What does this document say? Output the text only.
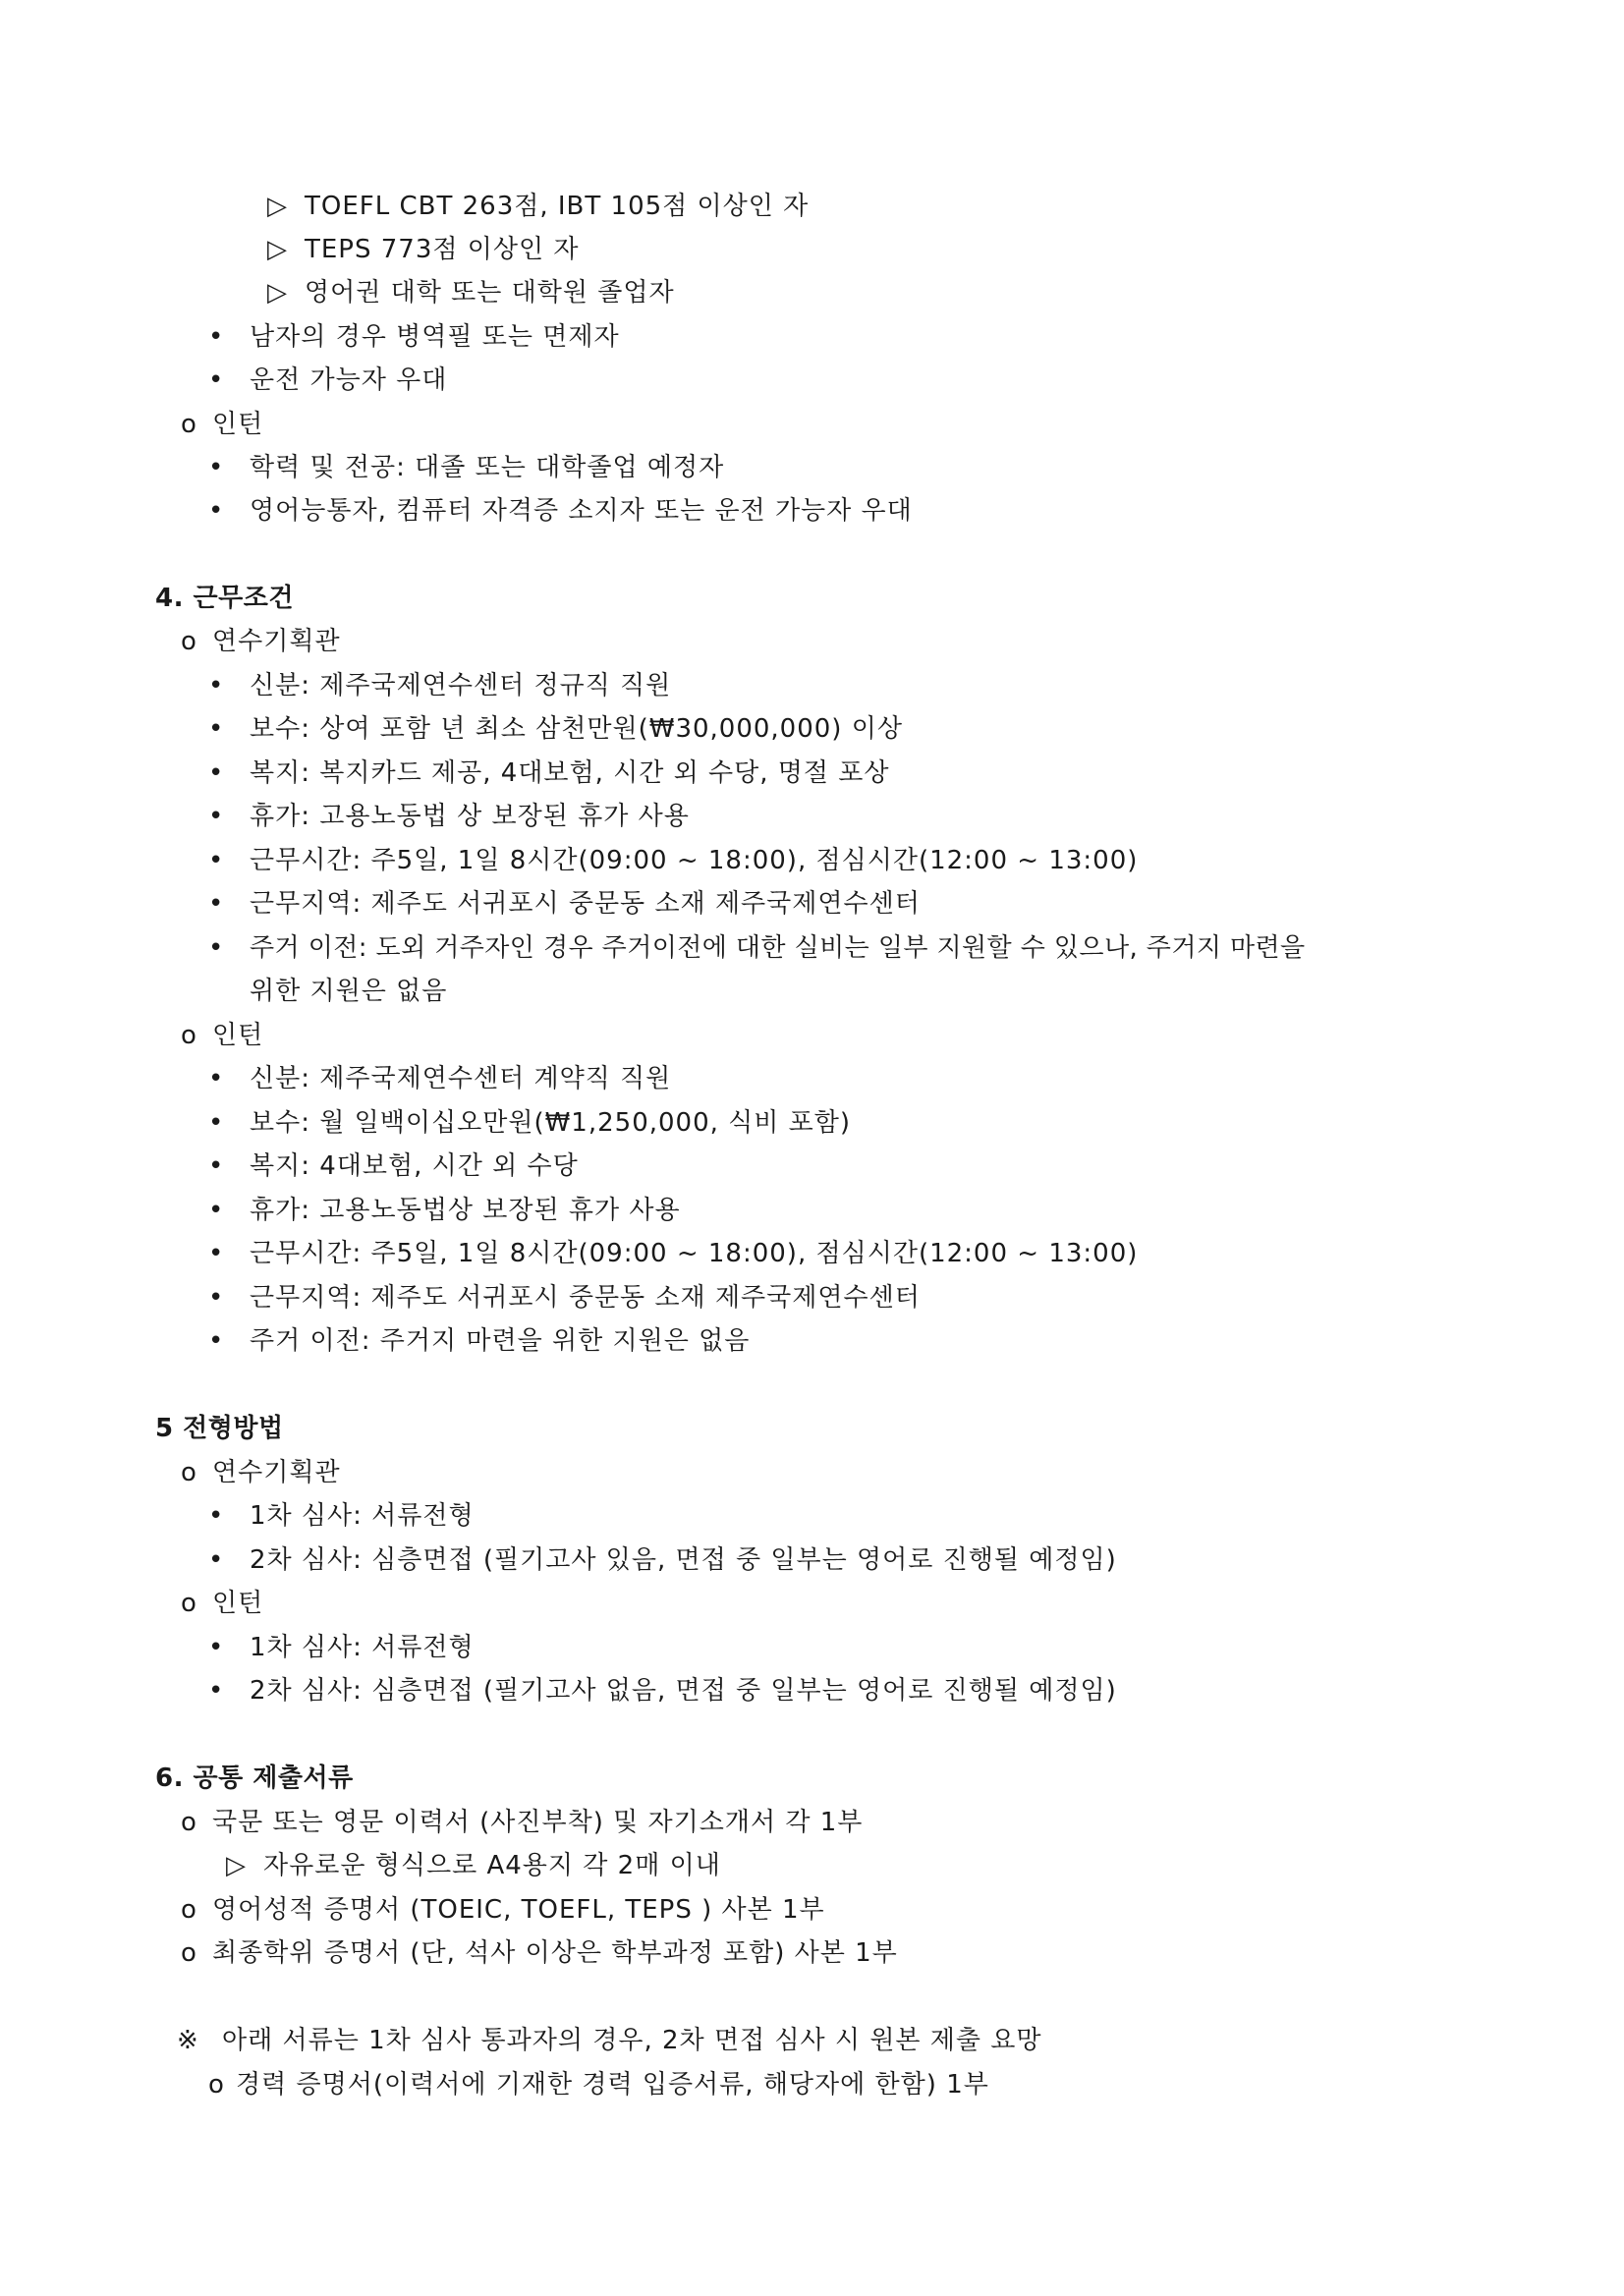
▷ TOEFL CBT 263점, IBT 105점 이상인 자
▷ TEPS 773점 이상인 자
▷ 영어권 대학 또는 대학원 졸업자
• 남자의 경우 병역필 또는 면제자
• 운전 가능자 우대
o 인턴
• 학력 및 전공: 대졸 또는 대학졸업 예정자
• 영어능통자, 컴퓨터 자격증 소지자 또는 운전 가능자 우대
4. 근무조건
o 연수기획관
• 신분: 제주국제연수센터 정규직 직원
• 보수: 상여 포함 년 최소 삼천만원(₩30,000,000) 이상
• 복지: 복지카드 제공, 4대보험, 시간 외 수당, 명절 포상
• 휴가: 고용노동법 상 보장된 휴가 사용
• 근무시간: 주5일, 1일 8시간(09:00 ~ 18:00), 점심시간(12:00 ~ 13:00)
• 근무지역: 제주도 서귀포시 중문동 소재 제주국제연수센터
•	주거 이전: 도외 거주자인 경우 주거이전에 대한 실비는 일부 지원할 수 있으나, 주거지 마련을
위한 지원은 없음
o 인턴
• 신분: 제주국제연수센터 계약직 직원
• 보수: 월 일백이십오만원(₩1,250,000, 식비 포함)
• 복지: 4대보험, 시간 외 수당
• 휴가: 고용노동법상 보장된 휴가 사용
• 근무시간: 주5일, 1일 8시간(09:00 ~ 18:00), 점심시간(12:00 ~ 13:00)
• 근무지역: 제주도 서귀포시 중문동 소재 제주국제연수센터
• 주거 이전: 주거지 마련을 위한 지원은 없음
5 전형방법
o 연수기획관
• 1차 심사: 서류전형
• 2차 심사: 심층면접 (필기고사 있음, 면접 중 일부는 영어로 진행될 예정임)
o 인턴
• 1차 심사: 서류전형
• 2차 심사: 심층면접 (필기고사 없음, 면접 중 일부는 영어로 진행될 예정임)
6. 공통 제출서류
o 국문 또는 영문 이력서 (사진부착) 및 자기소개서 각 1부
▷ 자유로운 형식으로 A4용지 각 2매 이내
o 영어성적 증명서 (TOEIC, TOEFL, TEPS ) 사본 1부
o 최종학위 증명서 (단, 석사 이상은 학부과정 포함) 사본 1부
※ 아래 서류는 1차 심사 통과자의 경우, 2차 면접 심사 시 원본 제출 요망
o 경력 증명서(이력서에 기재한 경력 입증서류, 해당자에 한함) 1부
